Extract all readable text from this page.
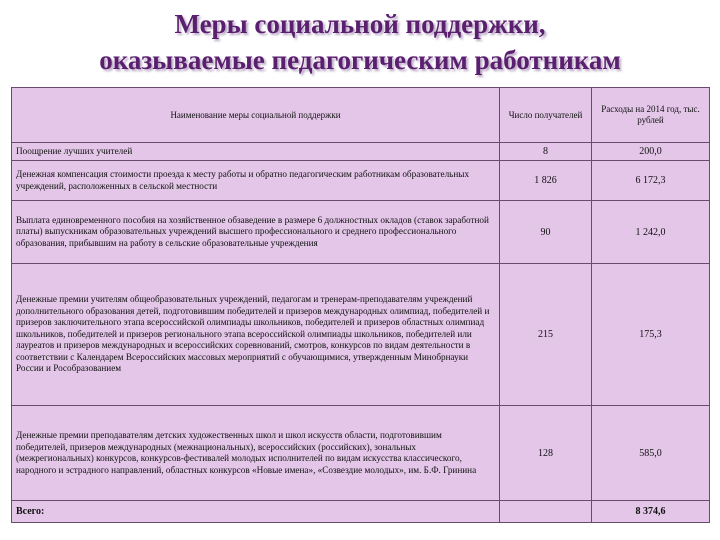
Меры социальной поддержки,
оказываемые педагогическим работникам
Наименование меры социальной поддержки	Число получателей	Расходы на 2014 год, тыс. рублей
Поощрение лучших учителей	8	200,0
Денежная компенсация стоимости проезда к месту работы и обратно педагогическим работникам образовательных учреждений, расположенных в сельской местности	1 826	6 172,3
Выплата единовременного пособия на хозяйственное обзаведение в размере 6 должностных окладов (ставок заработной платы) выпускникам образовательных учреждений высшего профессионального и среднего профессионального образования, прибывшим на работу в сельские образовательные учреждения	90	1 242,0
Денежные премии учителям общеобразовательных учреждений, педагогам и тренерам-преподавателям учреждений дополнительного образования детей, подготовившим победителей и призеров международных олимпиад, победителей и призеров заключительного этапа всероссийской олимпиады школьников, победителей и призеров областных олимпиад школьников, победителей и призеров регионального этапа всероссийской олимпиады школьников, победителей или лауреатов и призеров международных и всероссийских соревнований, смотров, конкурсов по видам деятельности в соответствии с Календарем Всероссийских массовых мероприятий с обучающимися, утвержденным Минобрнауки России и Рособразованием	215	175,3
Денежные премии преподавателям детских художественных школ и школ искусств области, подготовившим победителей, призеров международных (межнациональных), всероссийских (российских), зональных (межрегиональных) конкурсов, конкурсов-фестивалей молодых исполнителей по видам искусства классического, народного и эстрадного направлений, областных конкурсов «Новые имена», «Созвездие молодых», им. Б.Ф. Гринина	128	585,0
Всего:		8 374,6
